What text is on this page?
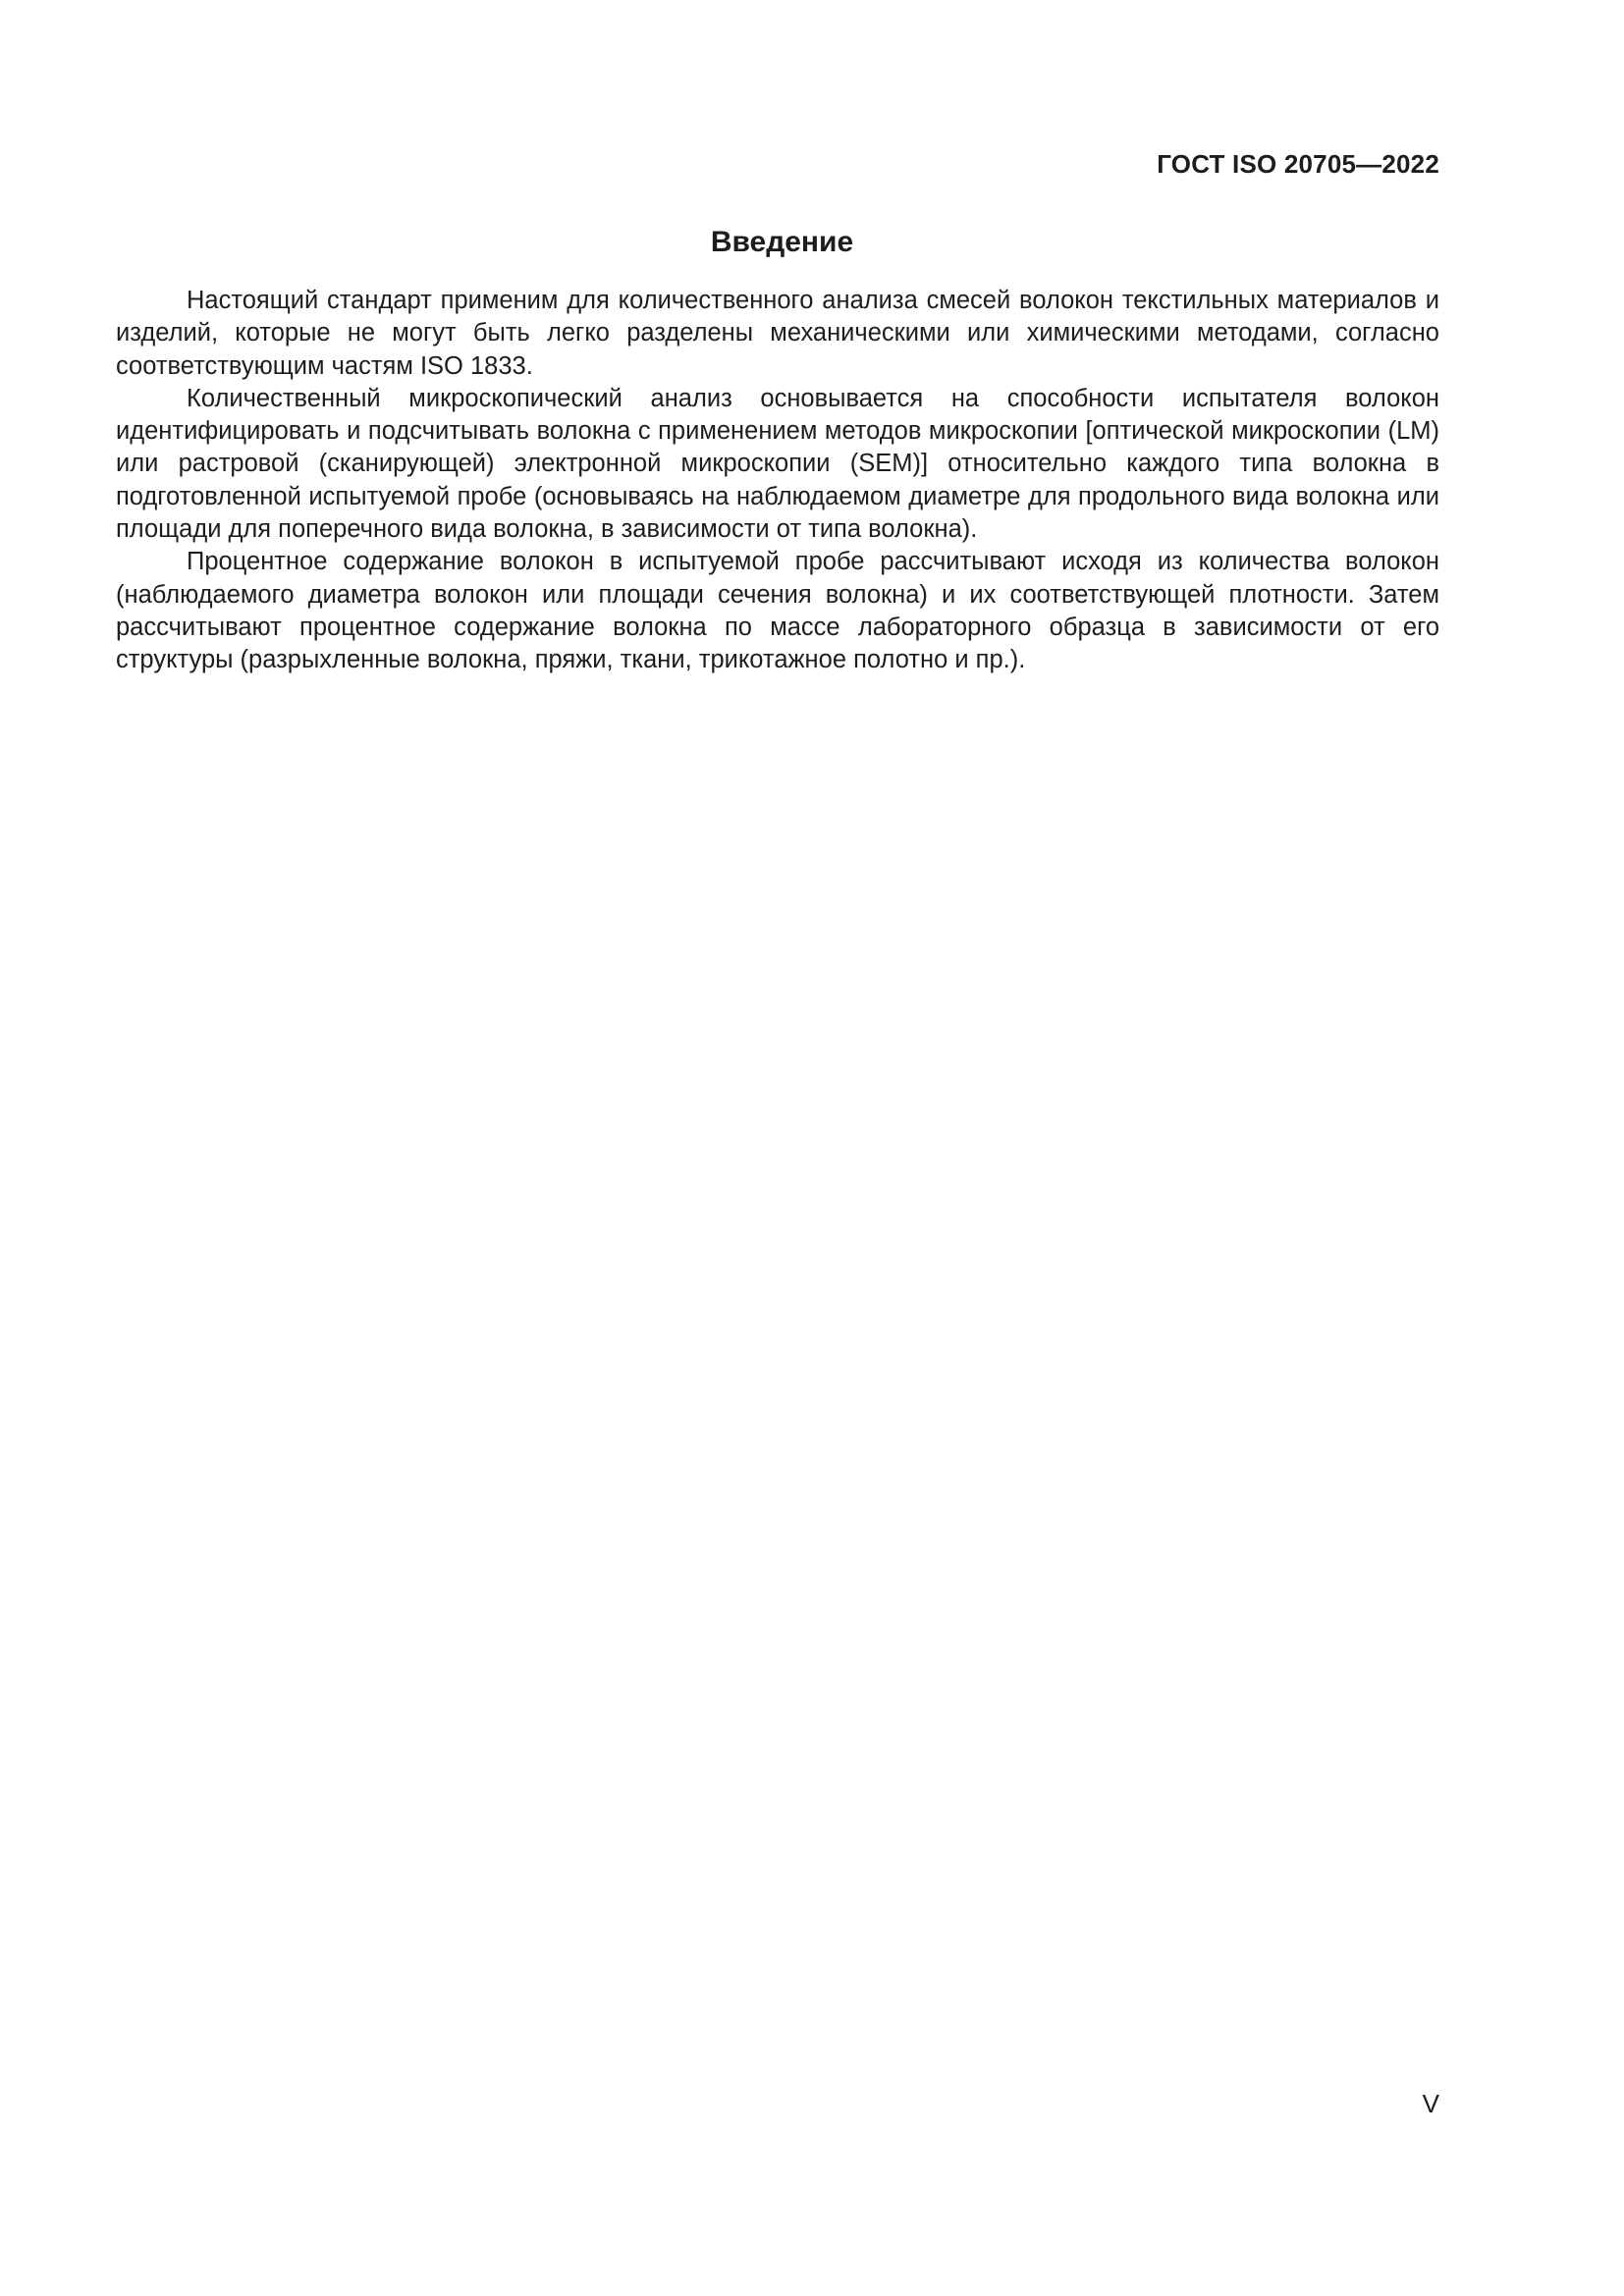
ГОСТ ISO 20705—2022
Введение

Настоящий стандарт применим для количественного анализа смесей волокон текстильных материалов и изделий, которые не могут быть легко разделены механическими или химическими методами, согласно соответствующим частям ISO 1833.

Количественный микроскопический анализ основывается на способности испытателя волокон идентифицировать и подсчитывать волокна с применением методов микроскопии [оптической микроскопии (LM) или растровой (сканирующей) электронной микроскопии (SEM)] относительно каждого типа волокна в подготовленной испытуемой пробе (основываясь на наблюдаемом диаметре для продольного вида волокна или площади для поперечного вида волокна, в зависимости от типа волокна).

Процентное содержание волокон в испытуемой пробе рассчитывают исходя из количества волокон (наблюдаемого диаметра волокон или площади сечения волокна) и их соответствующей плотности. Затем рассчитывают процентное содержание волокна по массе лабораторного образца в зависимости от его структуры (разрыхленные волокна, пряжи, ткани, трикотажное полотно и пр.).

V
